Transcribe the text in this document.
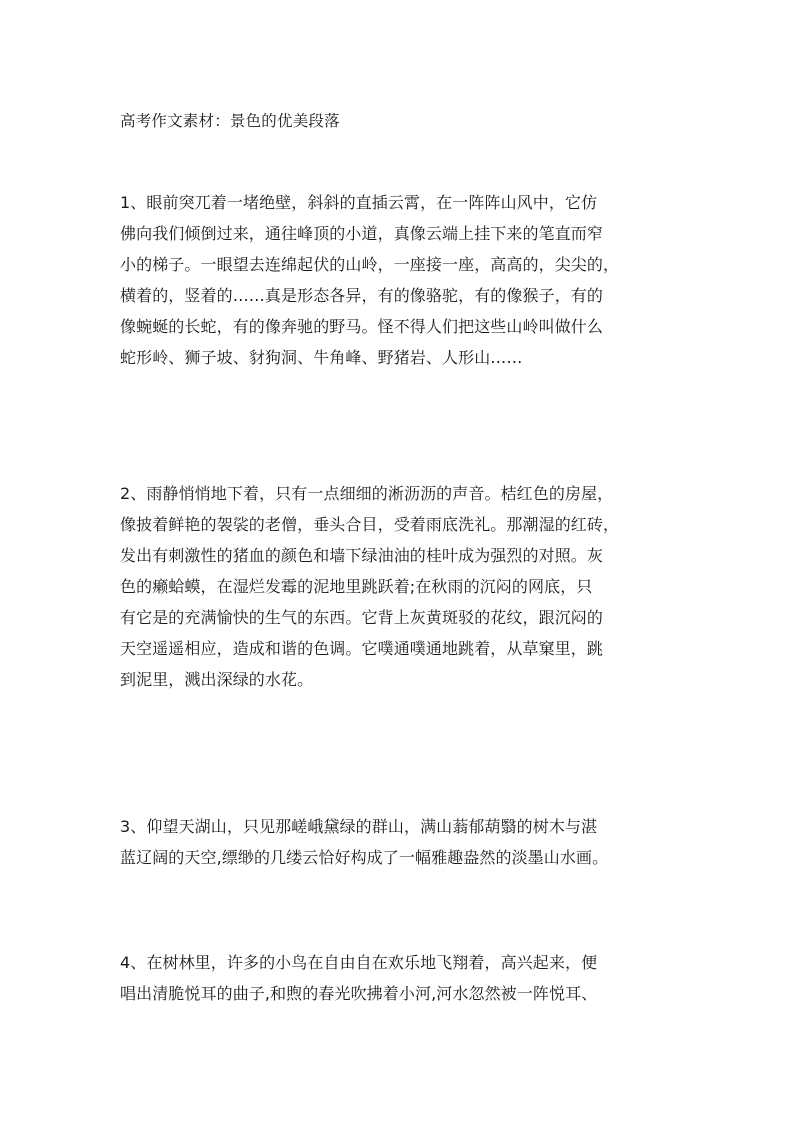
高考作文素材：景色的优美段落
1、眼前突兀着一堵绝壁，斜斜的直插云霄，在一阵阵山风中，它仿
佛向我们倾倒过来，通往峰顶的小道，真像云端上挂下来的笔直而窄
小的梯子。一眼望去连绵起伏的山岭，一座接一座，高高的，尖尖的，
横着的，竖着的……真是形态各异，有的像骆驼，有的像猴子，有的
像蜿蜒的长蛇，有的像奔驰的野马。怪不得人们把这些山岭叫做什么
蛇形岭、狮子坡、豺狗洞、牛角峰、野猪岩、人形山……
2、雨静悄悄地下着，只有一点细细的淅沥沥的声音。桔红色的房屋，
像披着鲜艳的袈裟的老僧，垂头合目，受着雨底洗礼。那潮湿的红砖，
发出有刺激性的猪血的颜色和墙下绿油油的桂叶成为强烈的对照。灰
色的癞蛤蟆，在湿烂发霉的泥地里跳跃着;在秋雨的沉闷的网底，只
有它是的充满愉快的生气的东西。它背上灰黄斑驳的花纹，跟沉闷的
天空遥遥相应，造成和谐的色调。它噗通噗通地跳着，从草窠里，跳
到泥里，溅出深绿的水花。
3、仰望天湖山，只见那嵯峨黛绿的群山，满山蓊郁葫翳的树木与湛
蓝辽阔的天空,缥缈的几缕云恰好构成了一幅雅趣盎然的淡墨山水画。
4、在树林里，许多的小鸟在自由自在欢乐地飞翔着，高兴起来，便
唱出清脆悦耳的曲子,和煦的春光吹拂着小河,河水忽然被一阵悦耳、
